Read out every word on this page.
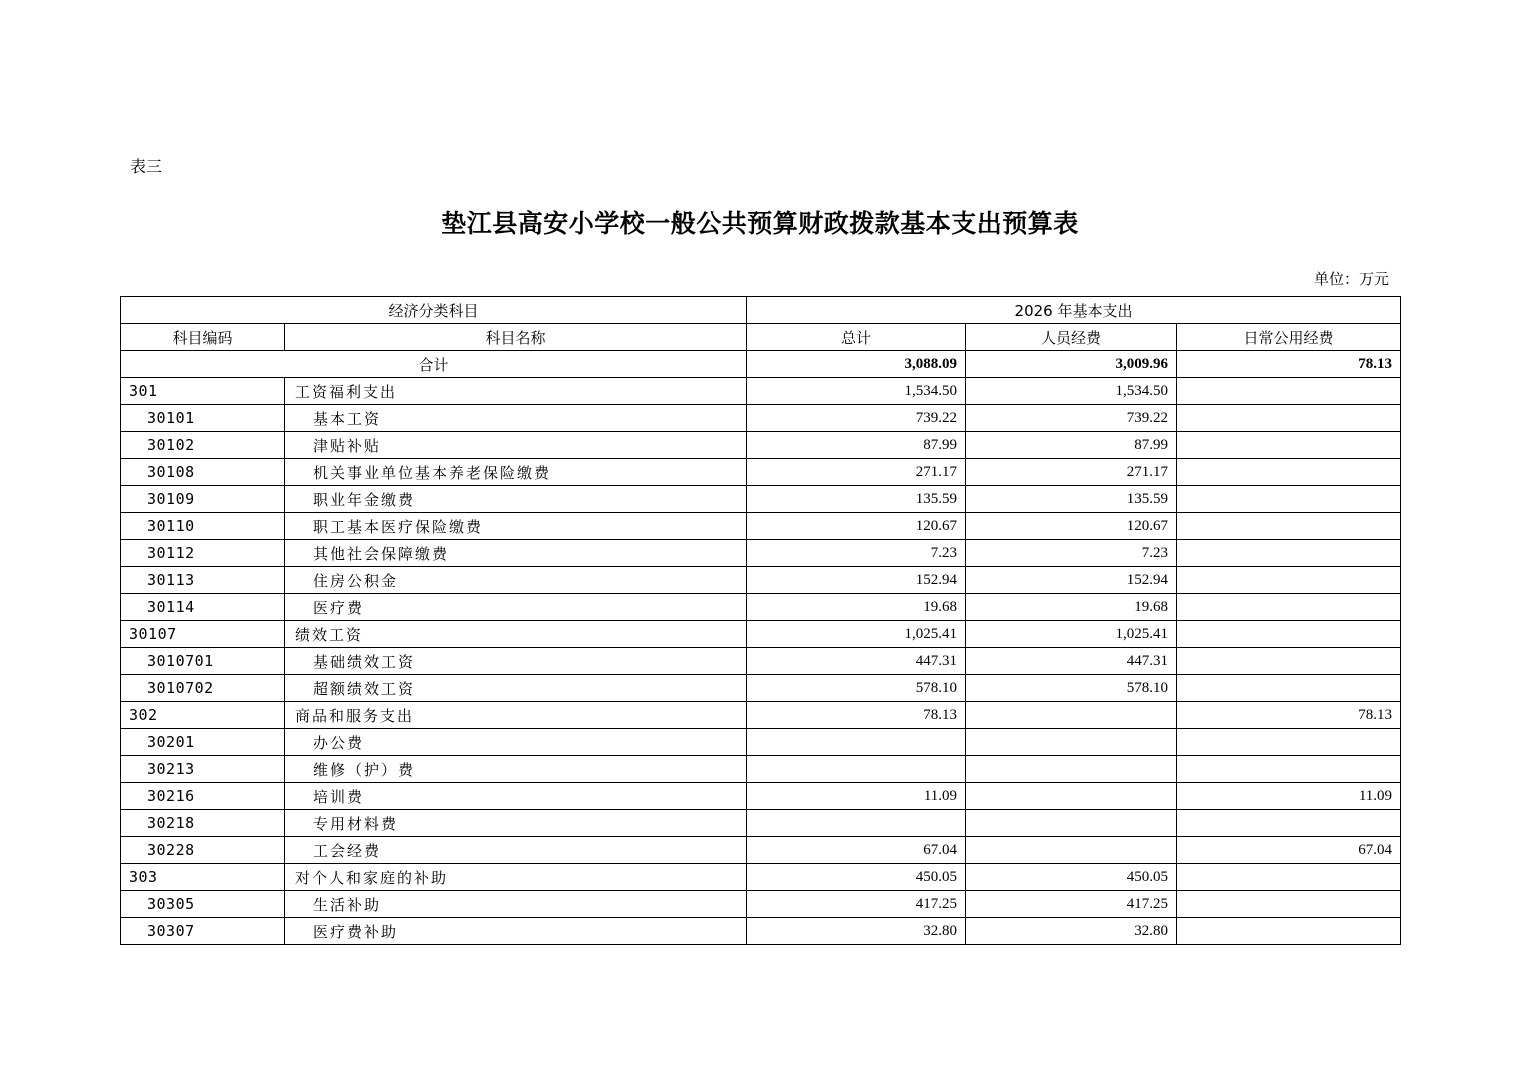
表三
垫江县高安小学校一般公共预算财政拨款基本支出预算表
单位：万元
经济分类科目		2026 年基本支出		
科目编码	科目名称	总计	人员经费	日常公用经费
合计		3,088.09	3,009.96	78.13
301	工资福利支出	1,534.50	1,534.50	
30101	基本工资	739.22	739.22	
30102	津贴补贴	87.99	87.99	
30108	机关事业单位基本养老保险缴费	271.17	271.17	
30109	职业年金缴费	135.59	135.59	
30110	职工基本医疗保险缴费	120.67	120.67	
30112	其他社会保障缴费	7.23	7.23	
30113	住房公积金	152.94	152.94	
30114	医疗费	19.68	19.68	
30107	绩效工资	1,025.41	1,025.41	
3010701	基础绩效工资	447.31	447.31	
3010702	超额绩效工资	578.10	578.10	
302	商品和服务支出	78.13		78.13
30201	办公费			
30213	维修（护）费			
30216	培训费	11.09		11.09
30218	专用材料费			
30228	工会经费	67.04		67.04
303	对个人和家庭的补助	450.05	450.05	
30305	生活补助	417.25	417.25	
30307	医疗费补助	32.80	32.80	
